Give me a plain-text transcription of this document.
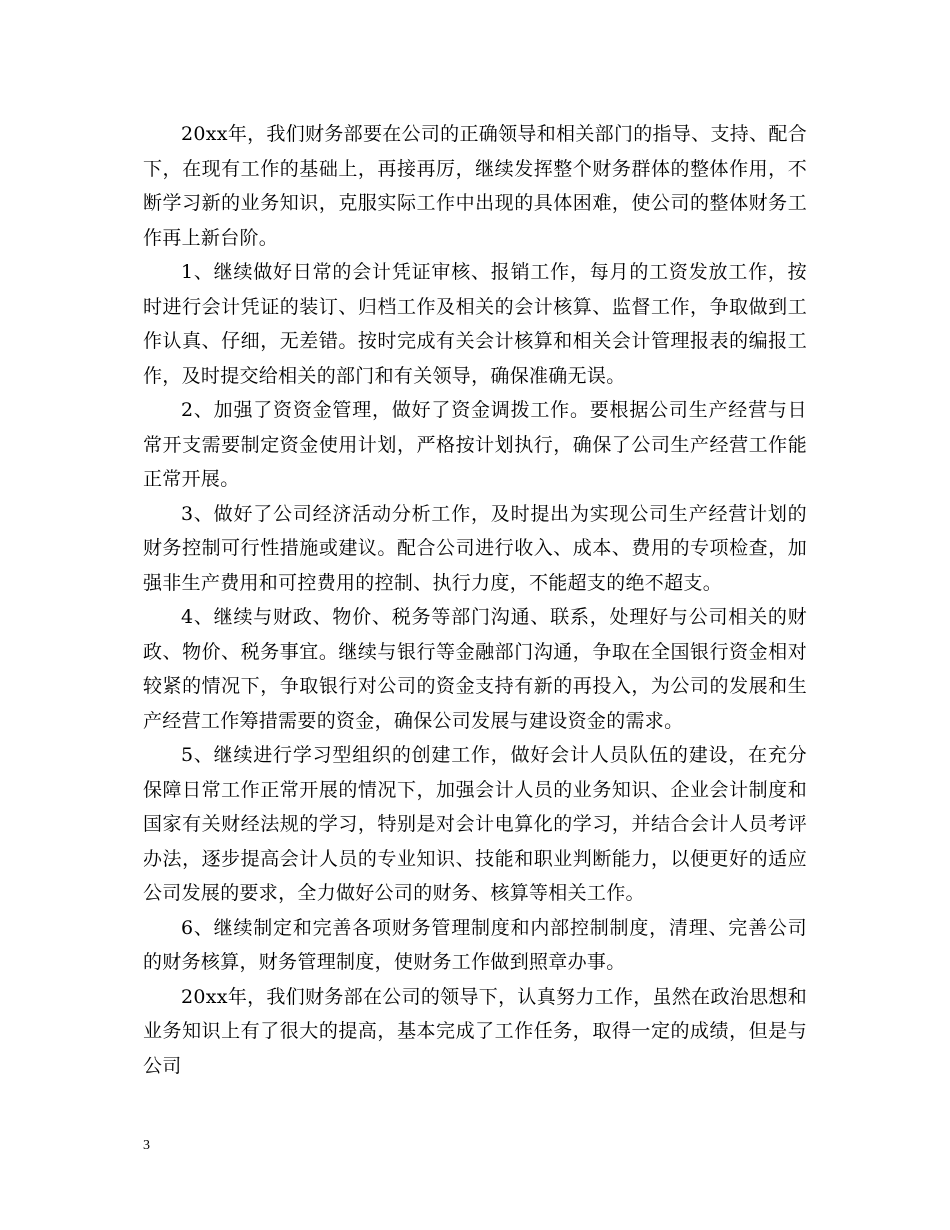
20xx年，我们财务部要在公司的正确领导和相关部门的指导、支持、配合下，在现有工作的基础上，再接再厉，继续发挥整个财务群体的整体作用，不断学习新的业务知识，克服实际工作中出现的具体困难，使公司的整体财务工作再上新台阶。

1、继续做好日常的会计凭证审核、报销工作，每月的工资发放工作，按时进行会计凭证的装订、归档工作及相关的会计核算、监督工作，争取做到工作认真、仔细，无差错。按时完成有关会计核算和相关会计管理报表的编报工作，及时提交给相关的部门和有关领导，确保准确无误。

2、加强了资资金管理，做好了资金调拨工作。要根据公司生产经营与日常开支需要制定资金使用计划，严格按计划执行，确保了公司生产经营工作能正常开展。

3、做好了公司经济活动分析工作，及时提出为实现公司生产经营计划的财务控制可行性措施或建议。配合公司进行收入、成本、费用的专项检查，加强非生产费用和可控费用的控制、执行力度，不能超支的绝不超支。

4、继续与财政、物价、税务等部门沟通、联系，处理好与公司相关的财政、物价、税务事宜。继续与银行等金融部门沟通，争取在全国银行资金相对较紧的情况下，争取银行对公司的资金支持有新的再投入，为公司的发展和生产经营工作筹措需要的资金，确保公司发展与建设资金的需求。

5、继续进行学习型组织的创建工作，做好会计人员队伍的建设，在充分保障日常工作正常开展的情况下，加强会计人员的业务知识、企业会计制度和国家有关财经法规的学习，特别是对会计电算化的学习，并结合会计人员考评办法，逐步提高会计人员的专业知识、技能和职业判断能力，以便更好的适应公司发展的要求，全力做好公司的财务、核算等相关工作。

6、继续制定和完善各项财务管理制度和内部控制制度，清理、完善公司的财务核算，财务管理制度，使财务工作做到照章办事。

20xx年，我们财务部在公司的领导下，认真努力工作，虽然在政治思想和业务知识上有了很大的提高，基本完成了工作任务，取得一定的成绩，但是与公司

3
